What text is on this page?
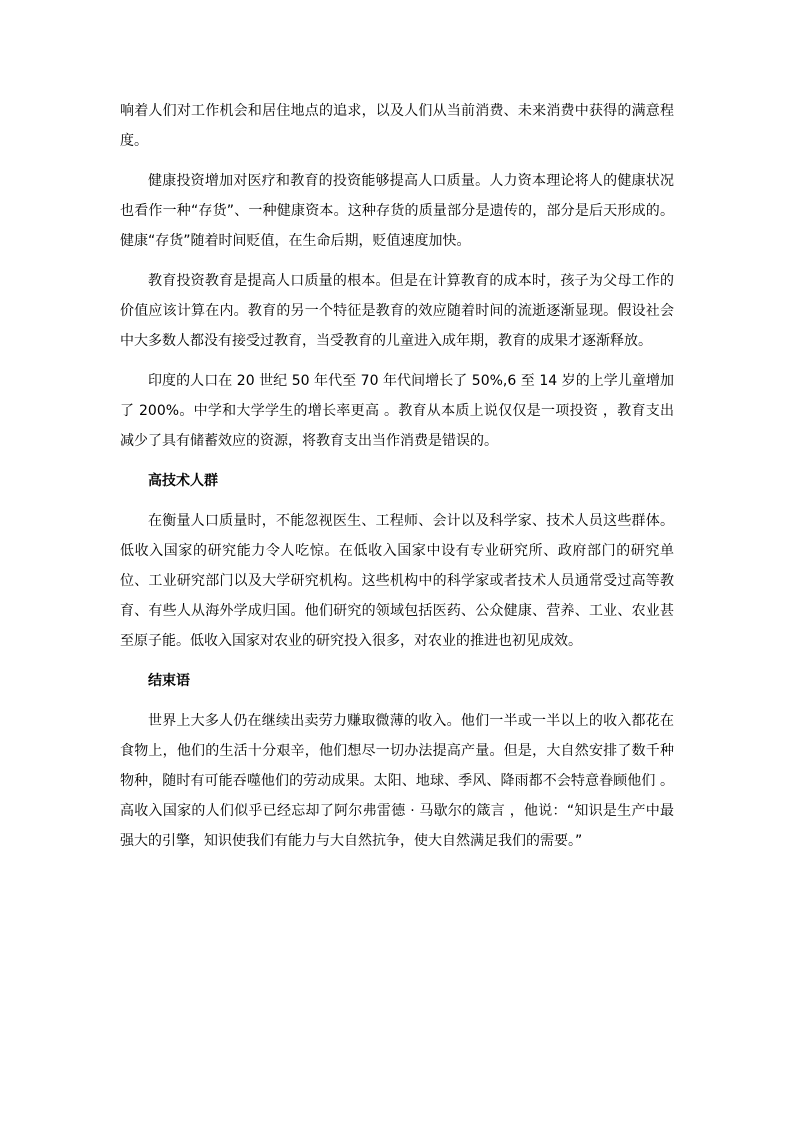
响着人们对工作机会和居住地点的追求，以及人们从当前消费、未来消费中获得的满意程度。

健康投资增加对医疗和教育的投资能够提高人口质量。人力资本理论将人的健康状况也看作一种“存货”、一种健康资本。这种存货的质量部分是遗传的，部分是后天形成的。健康“存货”随着时间贬值，在生命后期，贬值速度加快。

教育投资教育是提高人口质量的根本。但是在计算教育的成本时，孩子为父母工作的价值应该计算在内。教育的另一个特征是教育的效应随着时间的流逝逐渐显现。假设社会中大多数人都没有接受过教育，当受教育的儿童进入成年期，教育的成果才逐渐释放。

印度的人口在 20 世纪 50 年代至 70 年代间增长了 50%,6 至 14 岁的上学儿童增加了 200%。中学和大学学生的增长率更高 。教育从本质上说仅仅是一项投资 ，教育支出减少了具有储蓄效应的资源，将教育支出当作消费是错误的。

高技术人群

在衡量人口质量时，不能忽视医生、工程师、会计以及科学家、技术人员这些群体。低收入国家的研究能力令人吃惊。在低收入国家中设有专业研究所、政府部门的研究单位、工业研究部门以及大学研究机构。这些机构中的科学家或者技术人员通常受过高等教育、有些人从海外学成归国。他们研究的领域包括医药、公众健康、营养、工业、农业甚至原子能。低收入国家对农业的研究投入很多，对农业的推进也初见成效。

结束语

世界上大多人仍在继续出卖劳力赚取微薄的收入。他们一半或一半以上的收入都花在食物上，他们的生活十分艰辛，他们想尽一切办法提高产量。但是，大自然安排了数千种物种，随时有可能吞噬他们的劳动成果。太阳、地球、季风、降雨都不会特意眷顾他们 。高收入国家的人们似乎已经忘却了阿尔弗雷德 · 马歇尔的箴言 ，他说：“知识是生产中最强大的引擎，知识使我们有能力与大自然抗争，使大自然满足我们的需要。”
